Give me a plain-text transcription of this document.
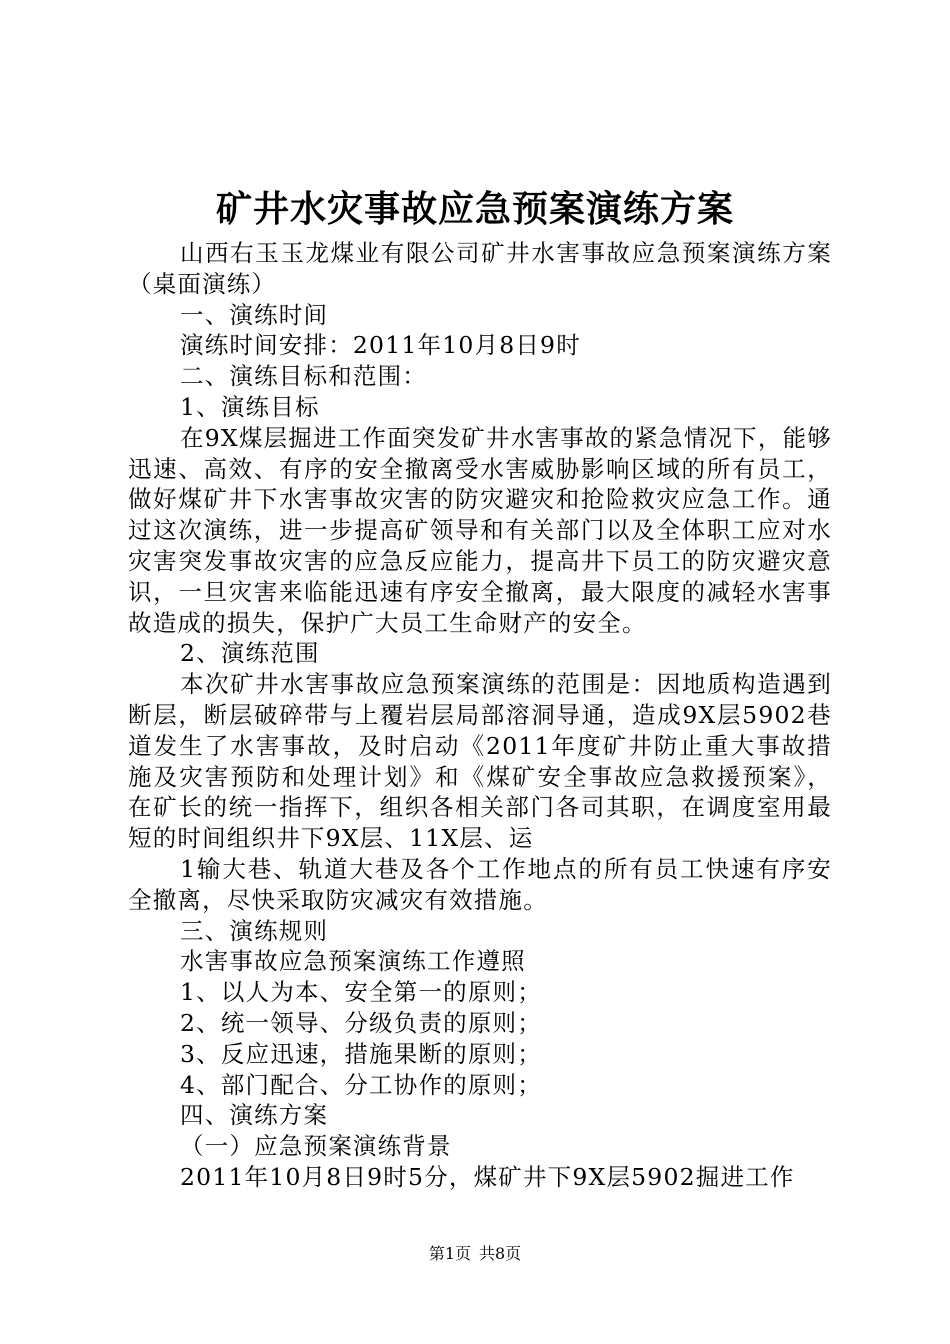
矿井水灾事故应急预案演练方案

山西右玉玉龙煤业有限公司矿井水害事故应急预案演练方案（桌面演练）

一、演练时间

演练时间安排：2011年10月8日9时

二、演练目标和范围：

1、演练目标

在9X煤层掘进工作面突发矿井水害事故的紧急情况下，能够迅速、高效、有序的安全撤离受水害威胁影响区域的所有员工，做好煤矿井下水害事故灾害的防灾避灾和抢险救灾应急工作。通过这次演练，进一步提高矿领导和有关部门以及全体职工应对水灾害突发事故灾害的应急反应能力，提高井下员工的防灾避灾意识，一旦灾害来临能迅速有序安全撤离，最大限度的减轻水害事故造成的损失，保护广大员工生命财产的安全。

2、演练范围

本次矿井水害事故应急预案演练的范围是：因地质构造遇到断层，断层破碎带与上覆岩层局部溶洞导通，造成9X层5902巷道发生了水害事故，及时启动《2011年度矿井防止重大事故措施及灾害预防和处理计划》和《煤矿安全事故应急救援预案》，在矿长的统一指挥下，组织各相关部门各司其职，在调度室用最短的时间组织井下9X层、11X层、运

1输大巷、轨道大巷及各个工作地点的所有员工快速有序安全撤离，尽快采取防灾减灾有效措施。

三、演练规则

水害事故应急预案演练工作遵照

1、以人为本、安全第一的原则；

2、统一领导、分级负责的原则；

3、反应迅速，措施果断的原则；

4、部门配合、分工协作的原则；

四、演练方案

（一）应急预案演练背景

2011年10月8日9时5分，煤矿井下9X层5902掘进工作

第1页 共8页
